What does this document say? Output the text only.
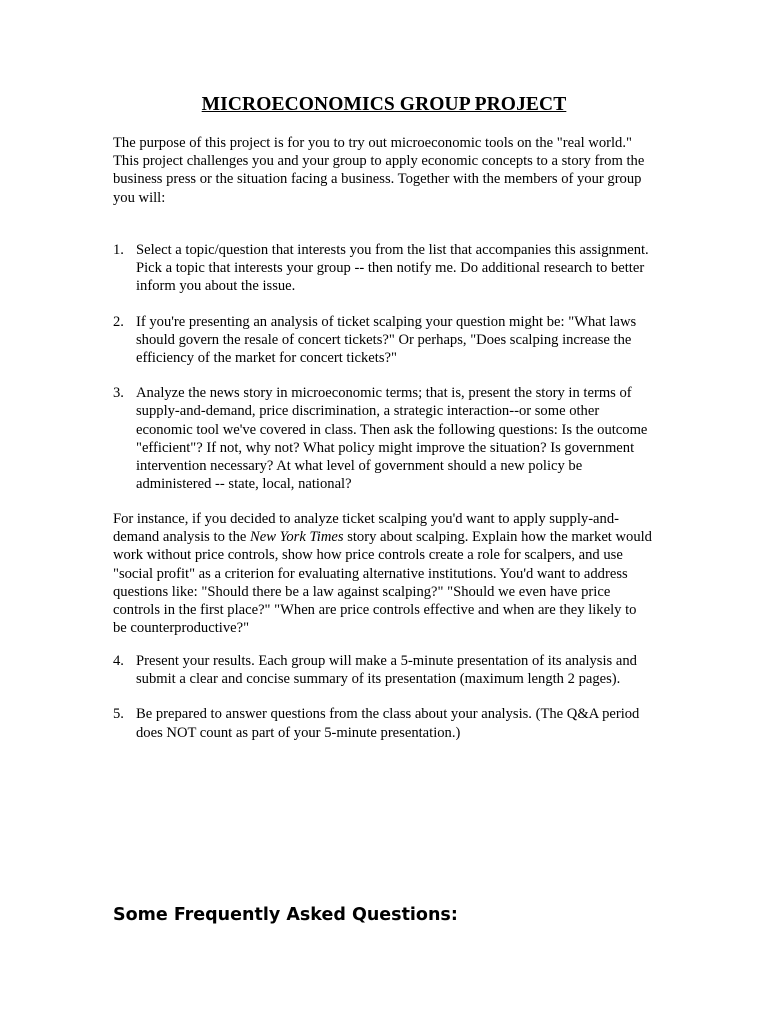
MICROECONOMICS GROUP PROJECT

The purpose of this project is for you to try out microeconomic tools on the "real world." This project challenges you and your group to apply economic concepts to a story from the business press or the situation facing a business. Together with the members of your group you will:

1. Select a topic/question that interests you from the list that accompanies this assignment. Pick a topic that interests your group -- then notify me. Do additional research to better inform you about the issue.
2. If you're presenting an analysis of ticket scalping your question might be: "What laws should govern the resale of concert tickets?" Or perhaps, "Does scalping increase the efficiency of the market for concert tickets?"
3. Analyze the news story in microeconomic terms; that is, present the story in terms of supply-and-demand, price discrimination, a strategic interaction--or some other economic tool we've covered in class. Then ask the following questions: Is the outcome "efficient"? If not, why not? What policy might improve the situation? Is government intervention necessary? At what level of government should a new policy be administered -- state, local, national?

For instance, if you decided to analyze ticket scalping you'd want to apply supply-and-demand analysis to the New York Times story about scalping. Explain how the market would work without price controls, show how price controls create a role for scalpers, and use "social profit" as a criterion for evaluating alternative institutions. You'd want to address questions like: "Should there be a law against scalping?" "Should we even have price controls in the first place?" "When are price controls effective and when are they likely to be counterproductive?"

4. Present your results. Each group will make a 5-minute presentation of its analysis and submit a clear and concise summary of its presentation (maximum length 2 pages).
5. Be prepared to answer questions from the class about your analysis. (The Q&A period does NOT count as part of your 5-minute presentation.)
Some Frequently Asked Questions:
